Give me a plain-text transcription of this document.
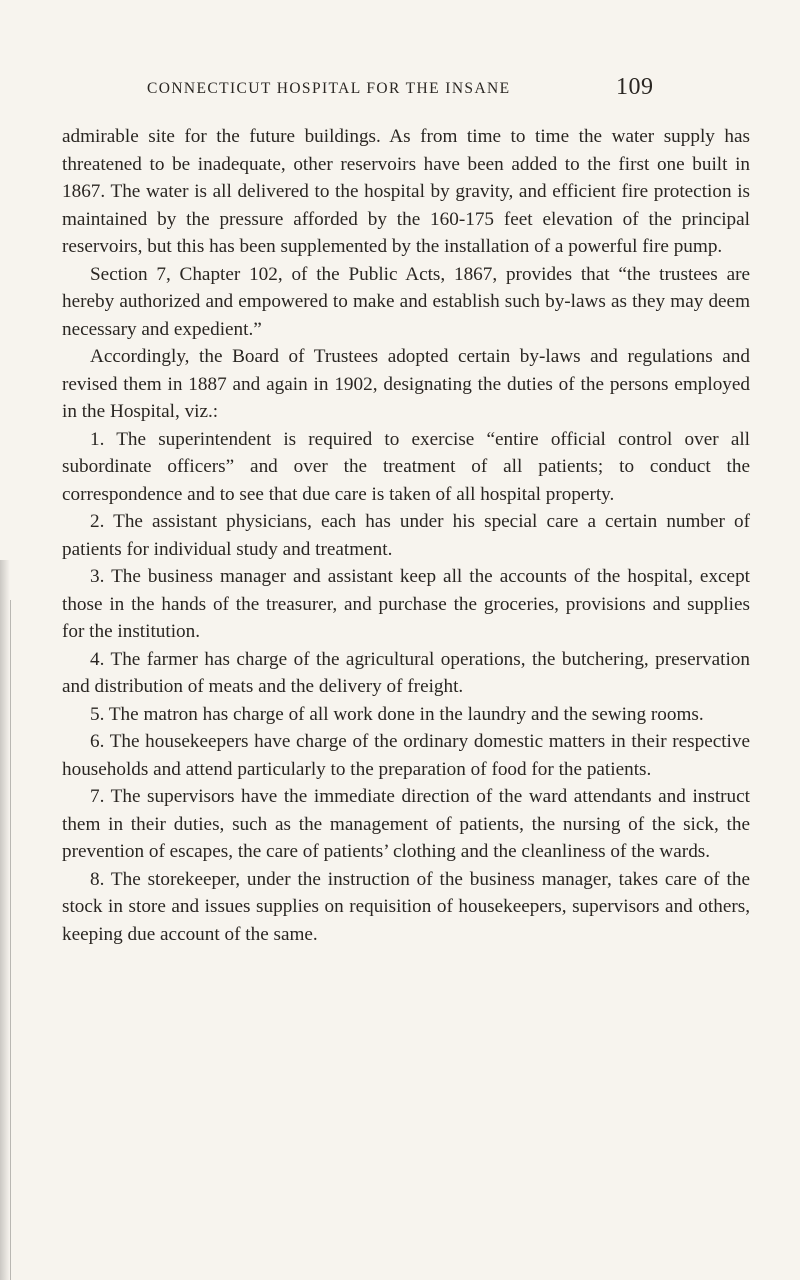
CONNECTICUT HOSPITAL FOR THE INSANE	109

admirable site for the future buildings. As from time to time the water supply has threatened to be inadequate, other reservoirs have been added to the first one built in 1867. The water is all delivered to the hospital by gravity, and efficient fire protection is maintained by the pressure afforded by the 160-175 feet elevation of the principal reservoirs, but this has been supplemented by the installation of a powerful fire pump.

Section 7, Chapter 102, of the Public Acts, 1867, provides that “the trustees are hereby authorized and empowered to make and establish such by-laws as they may deem necessary and expedient.”

Accordingly, the Board of Trustees adopted certain by-laws and regulations and revised them in 1887 and again in 1902, designating the duties of the persons employed in the Hospital, viz.:

1. The superintendent is required to exercise “entire official control over all subordinate officers” and over the treatment of all patients; to conduct the correspondence and to see that due care is taken of all hospital property.

2. The assistant physicians, each has under his special care a certain number of patients for individual study and treatment.

3. The business manager and assistant keep all the accounts of the hospital, except those in the hands of the treasurer, and purchase the groceries, provisions and supplies for the institution.

4. The farmer has charge of the agricultural operations, the butchering, preservation and distribution of meats and the delivery of freight.

5. The matron has charge of all work done in the laundry and the sewing rooms.

6. The housekeepers have charge of the ordinary domestic matters in their respective households and attend particularly to the preparation of food for the patients.

7. The supervisors have the immediate direction of the ward attendants and instruct them in their duties, such as the management of patients, the nursing of the sick, the prevention of escapes, the care of patients’ clothing and the cleanliness of the wards.

8. The storekeeper, under the instruction of the business manager, takes care of the stock in store and issues supplies on requisition of housekeepers, supervisors and others, keeping due account of the same.
